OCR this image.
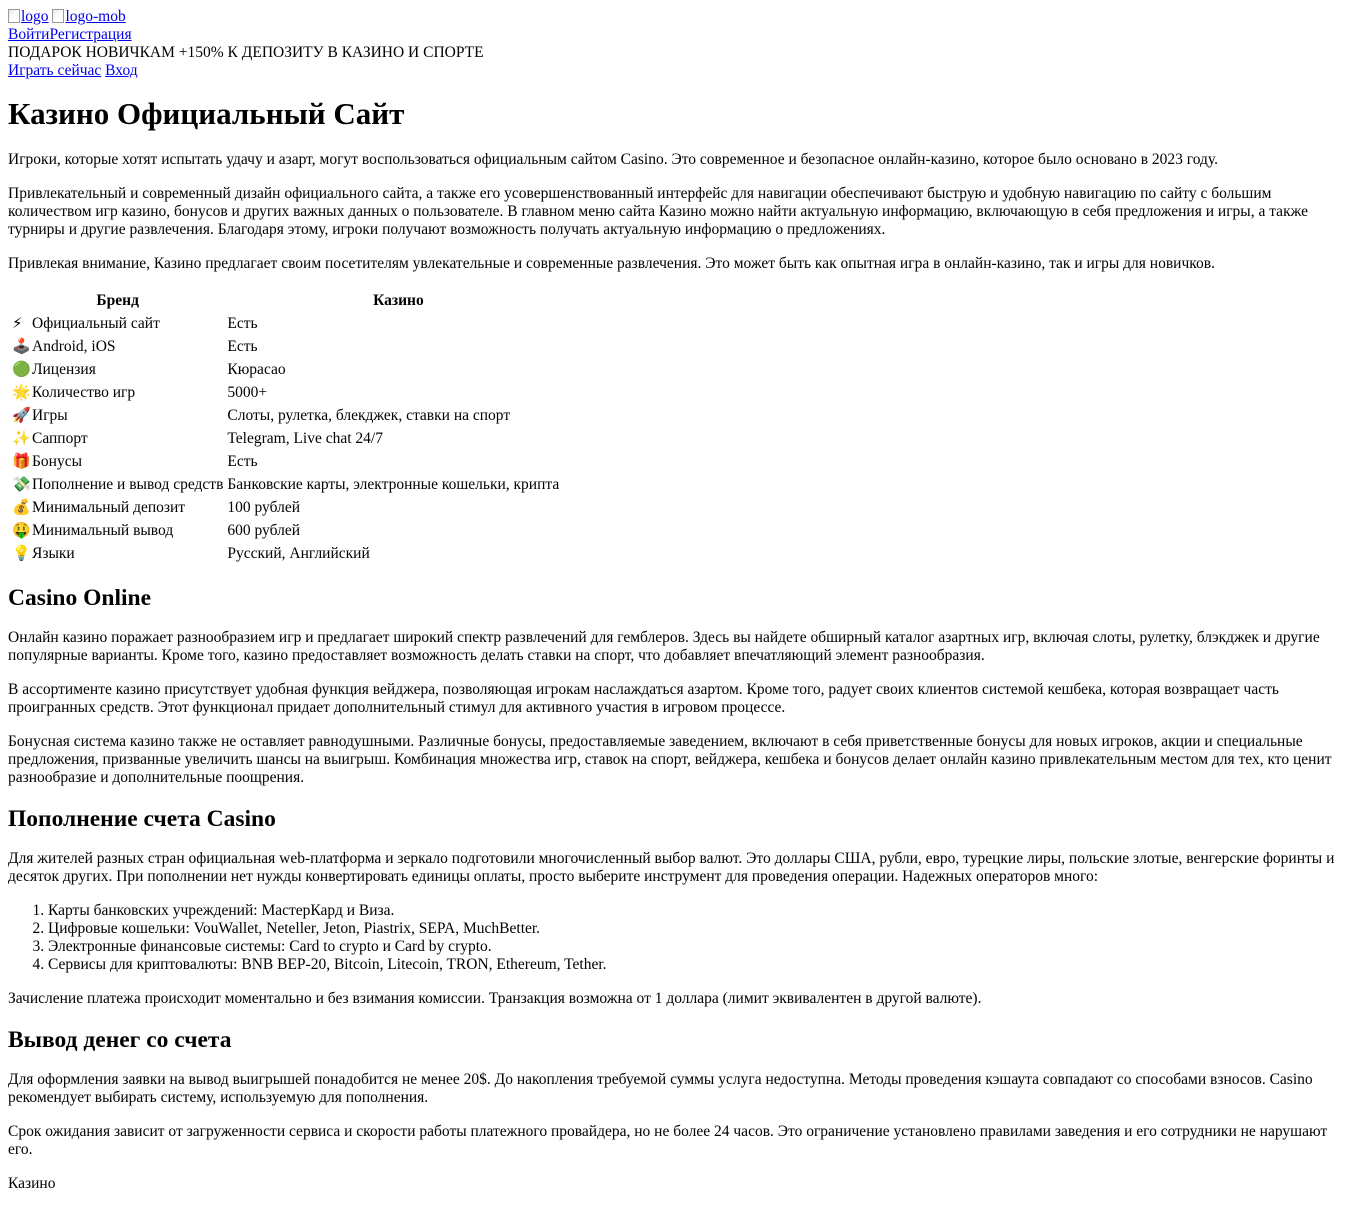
logo logo-mob
ВойтиРегистрация
ПОДАРОК НОВИЧКАМ +150% К ДЕПОЗИТУ В КАЗИНО И СПОРТЕ
Играть сейчас Вход
Казино Официальный Сайт

Игроки, которые хотят испытать удачу и азарт, могут воспользоваться официальным сайтом Casino. Это современное и безопасное онлайн-казино, которое было основано в 2023 году.

Привлекательный и современный дизайн официального сайта, а также его усовершенствованный интерфейс для навигации обеспечивают быструю и удобную навигацию по сайту с большим количеством игр казино, бонусов и других важных данных о пользователе. В главном меню сайта Казино можно найти актуальную информацию, включающую в себя предложения и игры, а также турниры и другие развлечения. Благодаря этому, игроки получают возможность получать актуальную информацию о предложениях.

Привлекая внимание, Казино предлагает своим посетителям увлекательные и современные развлечения. Это может быть как опытная игра в онлайн-казино, так и игры для новичков.

Бренд	Казино
⚡ Официальный сайт	Есть
🕹️Android, iOS	Есть
🟢Лицензия	Кюрасао
🌟Количество игр	5000+
🚀Игры	Слоты, рулетка, блекджек, ставки на спорт
✨Саппорт	Telegram, Live chat 24/7
🎁Бонусы	Есть
💸Пополнение и вывод средств	Банковские карты, электронные кошельки, крипта
💰Минимальный депозит	100 рублей
🤑Минимальный вывод	600 рублей
💡Языки	Русский, Английский
Casino Online

Онлайн казино поражает разнообразием игр и предлагает широкий спектр развлечений для гемблеров. Здесь вы найдете обширный каталог азартных игр, включая слоты, рулетку, блэкджек и другие популярные варианты. Кроме того, казино предоставляет возможность делать ставки на спорт, что добавляет впечатляющий элемент разнообразия.

В ассортименте казино присутствует удобная функция вейджера, позволяющая игрокам наслаждаться азартом. Кроме того, радует своих клиентов системой кешбека, которая возвращает часть проигранных средств. Этот функционал придает дополнительный стимул для активного участия в игровом процессе.

Бонусная система казино также не оставляет равнодушными. Различные бонусы, предоставляемые заведением, включают в себя приветственные бонусы для новых игроков, акции и специальные предложения, призванные увеличить шансы на выигрыш. Комбинация множества игр, ставок на спорт, вейджера, кешбека и бонусов делает онлайн казино привлекательным местом для тех, кто ценит разнообразие и дополнительные поощрения.

Пополнение счета Casino

Для жителей разных стран официальная web-платформа и зеркало подготовили многочисленный выбор валют. Это доллары США, рубли, евро, турецкие лиры, польские злотые, венгерские форинты и десяток других. При пополнении нет нужды конвертировать единицы оплаты, просто выберите инструмент для проведения операции. Надежных операторов много:

1. Карты банковских учреждений: МастерКард и Виза.
2. Цифровые кошельки: VouWallet, Neteller, Jeton, Piastrix, SEPA, MuchBetter.
3. Электронные финансовые системы: Card to crypto и Card by crypto.
4. Сервисы для криптовалюты: BNB BEP-20, Bitcoin, Litecoin, TRON, Ethereum, Tether.

Зачисление платежа происходит моментально и без взимания комиссии. Транзакция возможна от 1 доллара (лимит эквивалентен в другой валюте).

Вывод денег со счета

Для оформления заявки на вывод выигрышей понадобится не менее 20$. До накопления требуемой суммы услуга недоступна. Методы проведения кэшаута совпадают со способами взносов. Casino рекомендует выбирать систему, используемую для пополнения.

Срок ожидания зависит от загруженности сервиса и скорости работы платежного провайдера, но не более 24 часов. Это ограничение установлено правилами заведения и его сотрудники не нарушают его.

Казино
